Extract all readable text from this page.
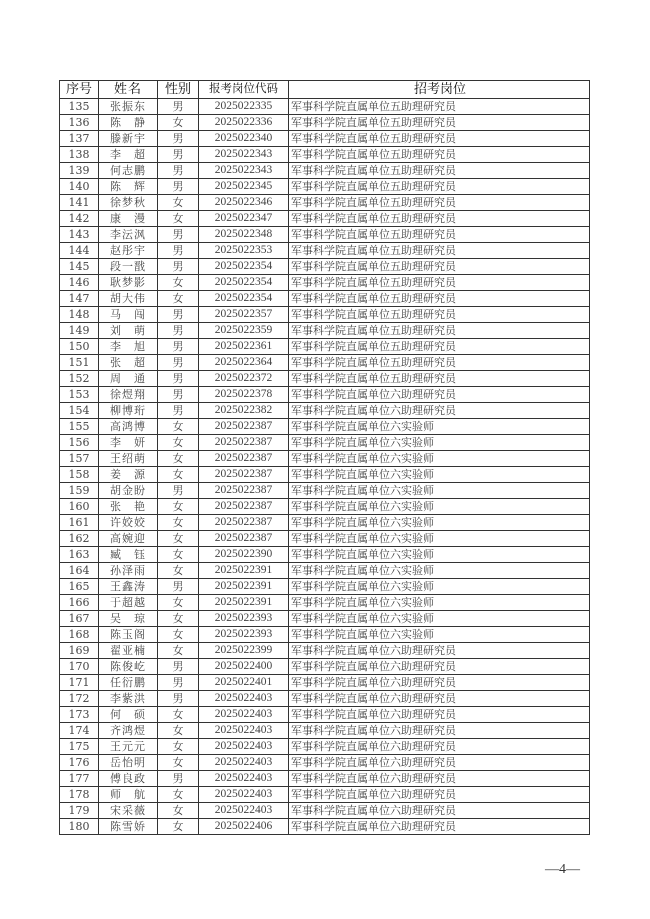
序号	姓名	性别	报考岗位代码	招考岗位
135	张振东	男	2025022335	军事科学院直属单位五助理研究员
136	陈　静	女	2025022336	军事科学院直属单位五助理研究员
137	滕新宇	男	2025022340	军事科学院直属单位五助理研究员
138	李　超	男	2025022343	军事科学院直属单位五助理研究员
139	何志鹏	男	2025022343	军事科学院直属单位五助理研究员
140	陈　辉	男	2025022345	军事科学院直属单位五助理研究员
141	徐梦秋	女	2025022346	军事科学院直属单位五助理研究员
142	康　漫	女	2025022347	军事科学院直属单位五助理研究员
143	李沄沨	男	2025022348	军事科学院直属单位五助理研究员
144	赵彤宇	男	2025022353	军事科学院直属单位五助理研究员
145	段一戬	男	2025022354	军事科学院直属单位五助理研究员
146	耿梦影	女	2025022354	军事科学院直属单位五助理研究员
147	胡大伟	女	2025022354	军事科学院直属单位五助理研究员
148	马　闯	男	2025022357	军事科学院直属单位五助理研究员
149	刘　萌	男	2025022359	军事科学院直属单位五助理研究员
150	李　旭	男	2025022361	军事科学院直属单位五助理研究员
151	张　超	男	2025022364	军事科学院直属单位五助理研究员
152	周　通	男	2025022372	军事科学院直属单位五助理研究员
153	徐煜翔	男	2025022378	军事科学院直属单位六助理研究员
154	柳博珩	男	2025022382	军事科学院直属单位六助理研究员
155	高鸿博	女	2025022387	军事科学院直属单位六实验师
156	李　妍	女	2025022387	军事科学院直属单位六实验师
157	王绍萌	女	2025022387	军事科学院直属单位六实验师
158	姜　源	女	2025022387	军事科学院直属单位六实验师
159	胡金盼	男	2025022387	军事科学院直属单位六实验师
160	张　艳	女	2025022387	军事科学院直属单位六实验师
161	许姣姣	女	2025022387	军事科学院直属单位六实验师
162	高婉迎	女	2025022387	军事科学院直属单位六实验师
163	臧　钰	女	2025022390	军事科学院直属单位六实验师
164	孙泽雨	女	2025022391	军事科学院直属单位六实验师
165	王鑫涛	男	2025022391	军事科学院直属单位六实验师
166	于超越	女	2025022391	军事科学院直属单位六实验师
167	吴　琼	女	2025022393	军事科学院直属单位六实验师
168	陈玉阁	女	2025022393	军事科学院直属单位六实验师
169	翟亚楠	女	2025022399	军事科学院直属单位六助理研究员
170	陈俊屹	男	2025022400	军事科学院直属单位六助理研究员
171	任衍鹏	男	2025022401	军事科学院直属单位六助理研究员
172	李紫洪	男	2025022403	军事科学院直属单位六助理研究员
173	何　硕	女	2025022403	军事科学院直属单位六助理研究员
174	齐鸿煜	女	2025022403	军事科学院直属单位六助理研究员
175	王元元	女	2025022403	军事科学院直属单位六助理研究员
176	岳怡明	女	2025022403	军事科学院直属单位六助理研究员
177	傅良政	男	2025022403	军事科学院直属单位六助理研究员
178	师　航	女	2025022403	军事科学院直属单位六助理研究员
179	宋采薇	女	2025022403	军事科学院直属单位六助理研究员
180	陈雪娇	女	2025022406	军事科学院直属单位六助理研究员
—4—
